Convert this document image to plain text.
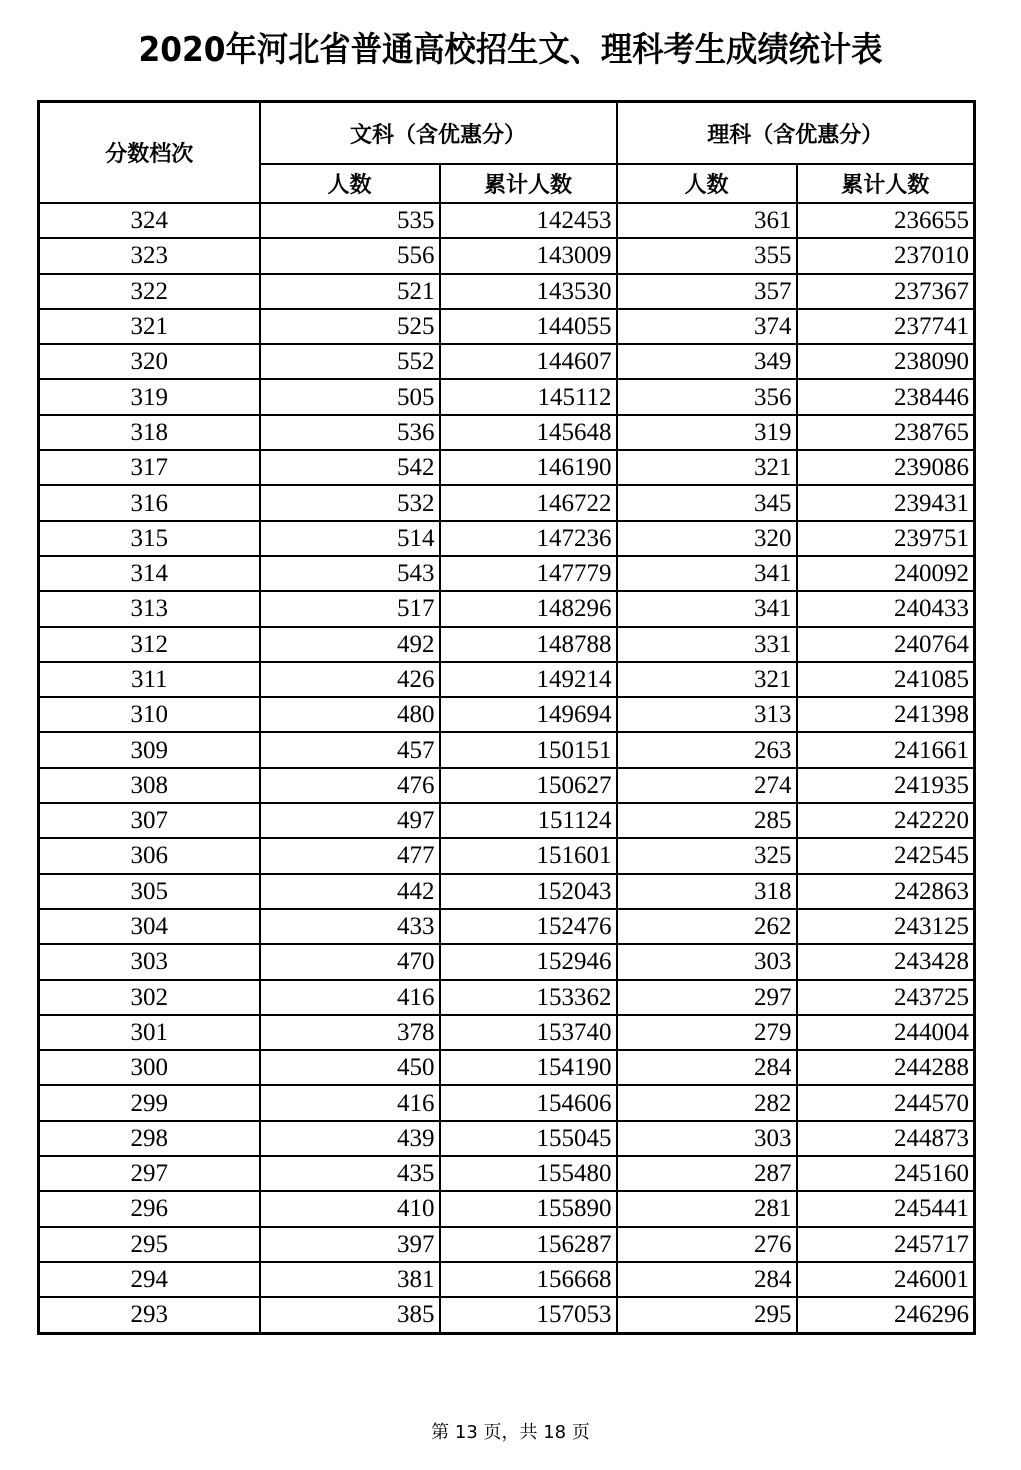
2020年河北省普通高校招生文、理科考生成绩统计表
分数档次	文科（含优惠分）		理科（含优惠分）	
	人数	累计人数	人数	累计人数
324	535	142453	361	236655
323	556	143009	355	237010
322	521	143530	357	237367
321	525	144055	374	237741
320	552	144607	349	238090
319	505	145112	356	238446
318	536	145648	319	238765
317	542	146190	321	239086
316	532	146722	345	239431
315	514	147236	320	239751
314	543	147779	341	240092
313	517	148296	341	240433
312	492	148788	331	240764
311	426	149214	321	241085
310	480	149694	313	241398
309	457	150151	263	241661
308	476	150627	274	241935
307	497	151124	285	242220
306	477	151601	325	242545
305	442	152043	318	242863
304	433	152476	262	243125
303	470	152946	303	243428
302	416	153362	297	243725
301	378	153740	279	244004
300	450	154190	284	244288
299	416	154606	282	244570
298	439	155045	303	244873
297	435	155480	287	245160
296	410	155890	281	245441
295	397	156287	276	245717
294	381	156668	284	246001
293	385	157053	295	246296
第 13 页，共 18 页
